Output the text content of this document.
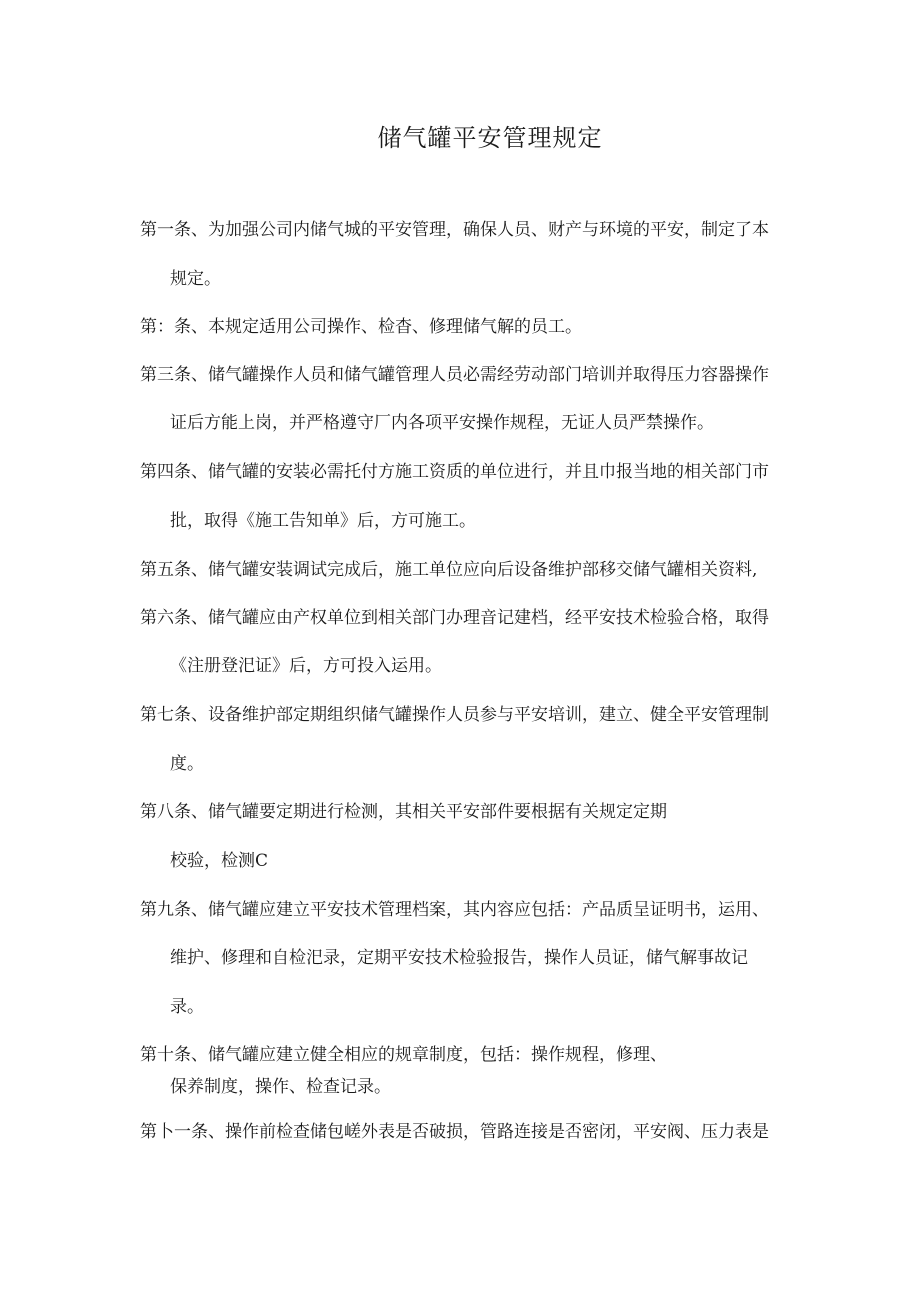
储气罐平安管理规定
第一条、为加强公司内储气城的平安管理，确保人员、财产与环境的平安，制定了本
规定。
第：条、本规定适用公司操作、检杳、修理储气解的员工。
第三条、储气罐操作人员和储气罐管理人员必需经劳动部门培训并取得压力容器操作
证后方能上岗，并严格遵守厂内各项平安操作规程，无证人员严禁操作。
第四条、储气罐的安装必需托付方施工资质的单位进行，并且巾报当地的相关部门市
批，取得《施工告知单》后，方可施工。
第五条、储气罐安装调试完成后，施工单位应向后设备维护部移交储气罐相关资料,
第六条、储气罐应由产权单位到相关部门办理音记建档，经平安技术检验合格，取得
《注册登汜证》后，方可投入运用。
第七条、设备维护部定期组织储气罐操作人员参与平安培训，建立、健全平安管理制
度。
第八条、储气罐要定期进行检测，其相关平安部件要根据有关规定定期
校验，检测C
第九条、储气罐应建立平安技术管理档案，其内容应包括：产品质呈证明书，运用、
维护、修理和自检汜录，定期平安技术检验报告，操作人员证，储气解事故记
录。
第十条、储气罐应建立健全相应的规章制度，包括：操作规程，修理、
保养制度，操作、检查记录。
第卜一条、操作前检查储包嵯外表是否破损，管路连接是否密闭，平安阀、压力表是
